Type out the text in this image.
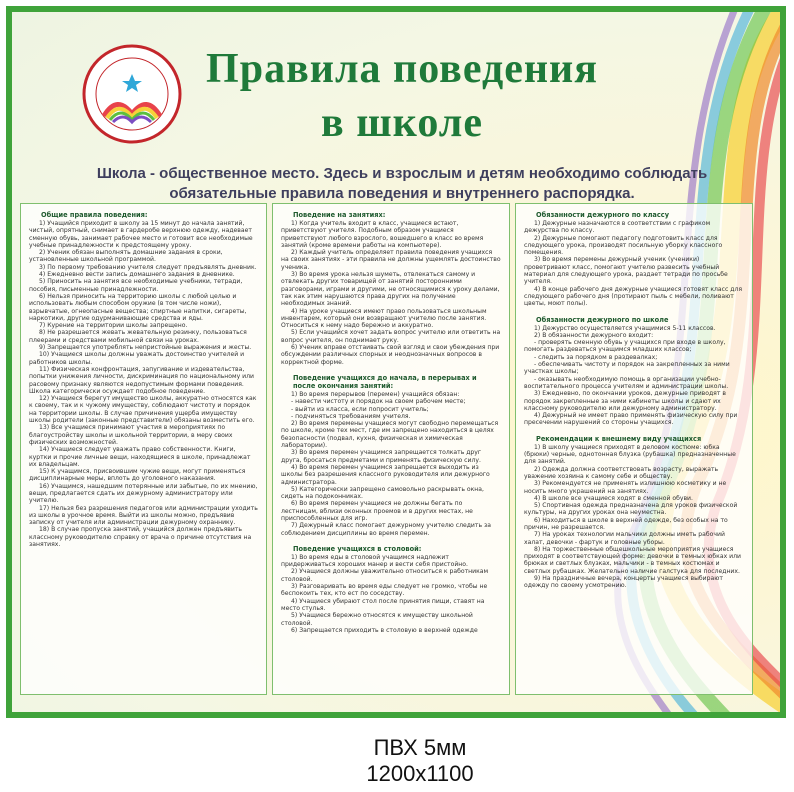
Правила поведения
в школе
Школа - общественное место. Здесь и взрослым и детям необходимо соблюдать
обязательные правила поведения и внутреннего распорядка.
Общие правила поведения:

1) Учащийся приходит в школу за 15 минут до начала занятий, чистый, опрятный, снимает в гардеробе верхнюю одежду, надевает сменную обувь, занимает рабочее место и готовит все необходимые учебные принадлежности к предстоящему уроку.

2) Ученик обязан выполнять домашние задания в сроки, установленные школьной программой.

3) По первому требованию учителя следует предъявлять дневник.

4) Ежедневно вести запись домашнего задания в дневнике.

5) Приносить на занятия все необходимые учебники, тетради, пособия, письменные принадлежности.

6) Нельзя приносить на территорию школы с любой целью и использовать любым способом оружие (в том числе ножи), взрывчатые, огнеопасные вещества; спиртные напитки, сигареты, наркотики, другие одурманивающие средства и яды.

7) Курение на территории школы запрещено.

8) Не разрешается жевать жевательную резинку, пользоваться плеерами и средствами мобильной связи на уроках.

9) Запрещается употреблять непристойные выражения и жесты.

10) Учащиеся школы должны уважать достоинство учителей и работников школы.

11) Физическая конфронтация, запугивание и издевательства, попытки унижения личности, дискриминация по национальному или расовому признаку являются недопустимым формами поведения. Школа категорически осуждает подобное поведение.

12) Учащиеся берегут имущество школы, аккуратно относятся как к своему, так и к чужому имуществу, соблюдают чистоту и порядок на территории школы. В случае причинения ущерба имуществу школы родители (законные представители) обязаны возместить его.

13) Все учащиеся принимают участия в мероприятиях по благоустройству школы и школьной территории, в меру своих физических возможностей.

14) Учащиеся следует уважать право собственности. Книги, куртки и прочие личные вещи, находящиеся в школе, принадлежат их владельцам.

15) К учащимся, присвоившим чужие вещи, могут применяться дисциплинарные меры, вплоть до уголовного наказания.

16) Учащимся, нашедшим потерянные или забытые, по их мнению, вещи, предлагается сдать их дежурному администратору или учителю.

17) Нельзя без разрешения педагогов или администрации уходить из школы в урочное время. Выйти из школы можно, предъявив записку от учителя или администрации дежурному охраннику.

18) В случае пропуска занятий, учащийся должен предъявить классному руководителю справку от врача о причине отсутствия на занятиях.

Поведение на занятиях:

1) Когда учитель входит в класс, учащиеся встают, приветствуют учителя. Подобным образом учащиеся приветствуют любого взрослого, вошедшего в класс во время занятий (кроме времени работы на компьютере).

2) Каждый учитель определяет правила поведения учащихся на своих занятиях - эти правила не должны ущемлять достоинство ученика.

3) Во время урока нельзя шуметь, отвлекаться самому и отвлекать других товарищей от занятий посторонними разговорами, играми и другими, не относящимися к уроку делами, так как этим нарушаются права других на получение необходимых знаний.

4) На уроке учащиеся имеют право пользоваться школьным инвентарем, который они возвращают учителю после занятия. Относиться к нему надо бережно и аккуратно.

5) Если учащийся хочет задать вопрос учителю или ответить на вопрос учителя, он поднимает руку.

6) Ученик вправе отстаивать свой взгляд и свои убеждения при обсуждении различных спорных и неоднозначных вопросов в корректной форме.

Поведение учащихся до начала, в перерывах и после окончания занятий:

1) Во время перерывов (перемен) учащийся обязан:

- навести чистоту и порядок на своем рабочем месте;

- выйти из класса, если попросит учитель;

- подчиняться требованиям учителя.

2) Во время перемены учащиеся могут свободно перемещаться по школе, кроме тех мест, где им запрещено находиться в целях безопасности (подвал, кухня, физическая и химическая лаборатории).

3) Во время перемен учащимся запрещается толкать друг друга, бросаться предметами и применять физическую силу.

4) Во время перемен учащимся запрещается выходить из школы без разрешения классного руководителя или дежурного администратора.

5) Категорически запрещено самовольно раскрывать окна, сидеть на подоконниках.

6) Во время перемен учащиеся не должны бегать по лестницам, вблизи оконных проемов и в других местах, не приспособленных для игр.

7) Дежурный класс помогает дежурному учителю следить за соблюдением дисциплины во время перемен.

Поведение учащихся в столовой:

1) Во время еды в столовой учащимся надлежит придерживаться хороших манер и вести себя пристойно.

2) Учащиеся должны уважительно относиться к работникам столовой.

3) Разговаривать во время еды следует не громко, чтобы не беспокоить тех, кто ест по соседству.

4) Учащиеся убирают стол после принятия пищи, ставят на место стулья.

5) Учащиеся бережно относятся к имуществу школьной столовой.

6) Запрещается приходить в столовую в верхней одежде

Обязанности дежурного по классу

1) Дежурные назначаются в соответствии с графиком дежурства по классу.

2) Дежурные помогают педагогу подготовить класс для следующего урока, производят посильную уборку классного помещения.

3) Во время перемены дежурный ученик (ученики) проветривают класс, помогают учителю развесить учебный материал для следующего урока, раздает тетради по просьбе учителя.

4) В конце рабочего дня дежурные учащиеся готовят класс для следующего рабочего дня (протирают пыль с мебели, поливают цветы, моют полы).

Обязанности дежурного по школе

1) Дежурство осуществляется учащимися 5-11 классов.

2) В обязанности дежурного входит:

- проверять сменную обувь у учащихся при входе в школу, помогать раздеваться учащимся младших классов;

- следить за порядком в раздевалках;

- обеспечивать чистоту и порядок на закрепленных за ними участках школы;

- оказывать необходимую помощь в организации учебно-воспитательного процесса учителям и администрации школы.

3) Ежедневно, по окончании уроков, дежурные приводят в порядок закрепленные за ними кабинеты школы и сдают их классному руководителю или дежурному администратору.

4) Дежурный не имеет право применять физическую силу при пресечении нарушений со стороны учащихся.

Рекомендации к внешнему виду учащихся

1) В школу учащиеся приходят в деловом костюме: юбка (брюки) черные, однотонная блузка (рубашка) предназначенные для занятий.

2) Одежда должна соответствовать возрасту, выражать уважение хозяина к самому себе и обществу.

3) Рекомендуется не применять излишнюю косметику и не носить много украшений на занятиях.

4) В школе все учащиеся ходят в сменной обуви.

5) Спортивная одежда предназначена для уроков физической культуры, на других уроках она неуместна.

6) Находиться в школе в верхней одежде, без особых на то причин, не разрешается.

7) На уроках технологии мальчики должны иметь рабочий халат, девочки - фартук и головные уборы.

8) На торжественные общешкольные мероприятия учащиеся приходят в соответствующей форме: девочки в темных юбках или брюках и светлых блузках, мальчики - в темных костюмах и светлых рубашках. Желательно наличие галстука для последних.

9) На праздничные вечера, концерты учащиеся выбирают одежду по своему усмотрению.

ПВХ 5мм
1200х1100
